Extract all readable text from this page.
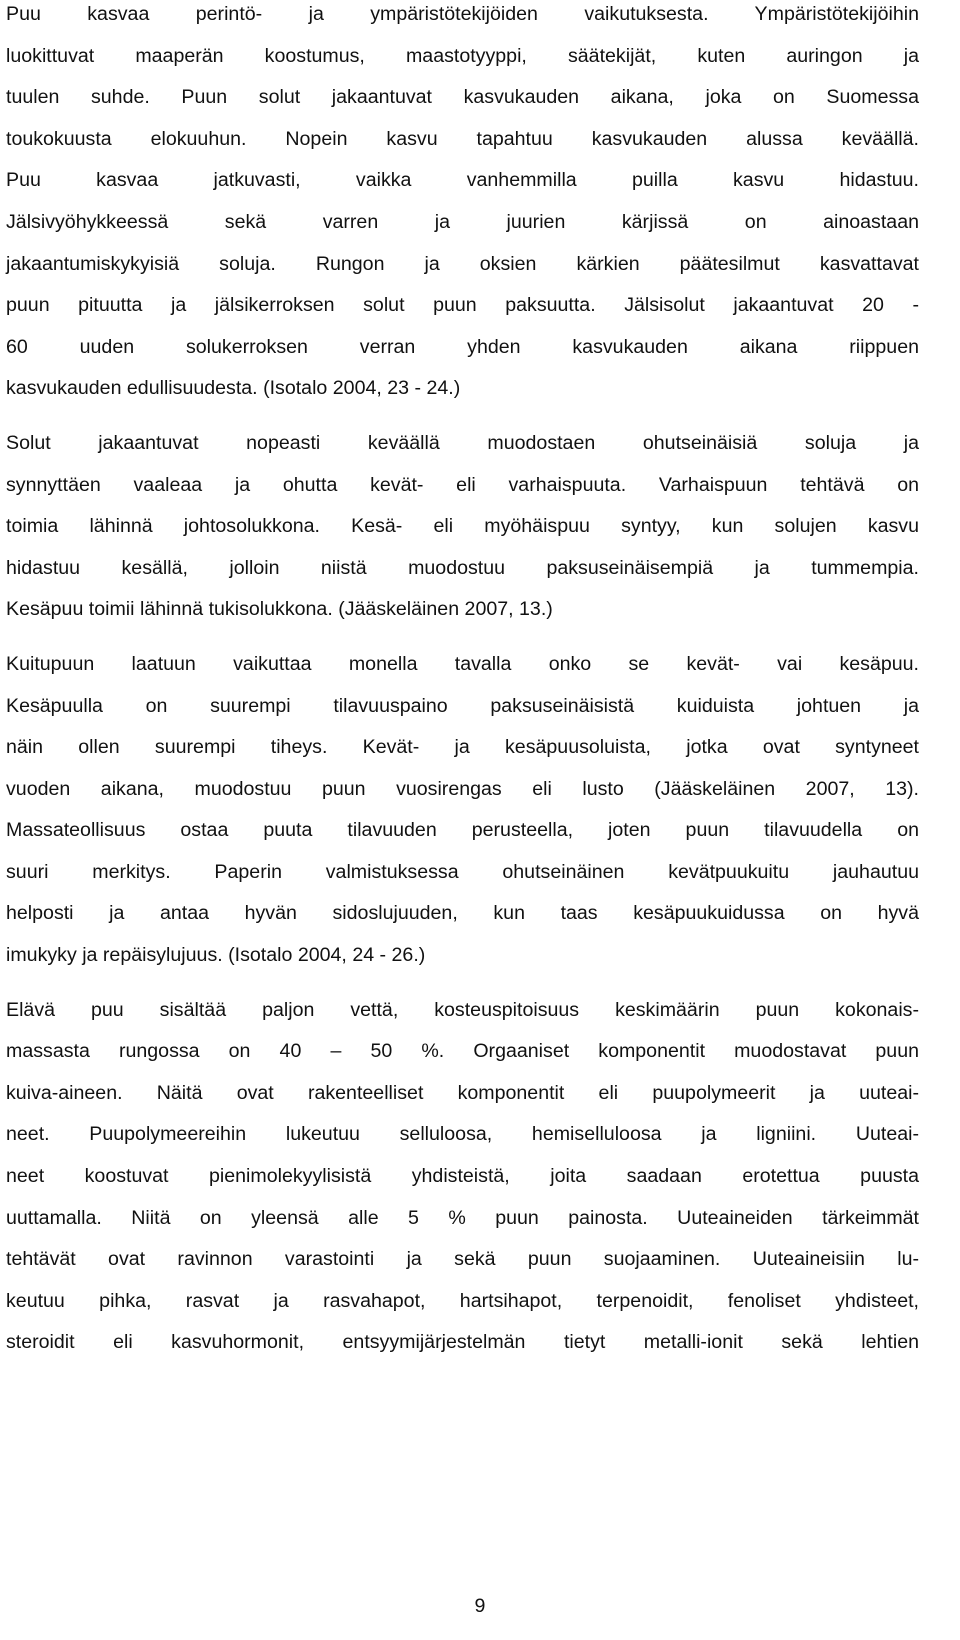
Puu kasvaa perintö- ja ympäristötekijöiden vaikutuksesta. Ympäristötekijöihin
luokittuvat maaperän koostumus, maastotyyppi, säätekijät, kuten auringon ja
tuulen suhde. Puun solut jakaantuvat kasvukauden aikana, joka on Suomessa
toukokuusta elokuuhun. Nopein kasvu tapahtuu kasvukauden alussa keväällä.
Puu kasvaa jatkuvasti, vaikka vanhemmilla puilla kasvu hidastuu.
Jälsivyöhykkeessä sekä varren ja juurien kärjissä on ainoastaan
jakaantumiskykyisiä soluja. Rungon ja oksien kärkien päätesilmut kasvattavat
puun pituutta ja jälsikerroksen solut puun paksuutta. Jälsisolut jakaantuvat 20 -
60 uuden solukerroksen verran yhden kasvukauden aikana riippuen
kasvukauden edullisuudesta. (Isotalo 2004, 23 - 24.)
Solut jakaantuvat nopeasti keväällä muodostaen ohutseinäisiä soluja ja
synnyttäen vaaleaa ja ohutta kevät- eli varhaispuuta. Varhaispuun tehtävä on
toimia lähinnä johtosolukkona. Kesä- eli myöhäispuu syntyy, kun solujen kasvu
hidastuu kesällä, jolloin niistä muodostuu paksuseinäisempiä ja tummempia.
Kesäpuu toimii lähinnä tukisolukkona. (Jääskeläinen 2007, 13.)
Kuitupuun laatuun vaikuttaa monella tavalla onko se kevät- vai kesäpuu.
Kesäpuulla on suurempi tilavuuspaino paksuseinäisistä kuiduista johtuen ja
näin ollen suurempi tiheys. Kevät- ja kesäpuusoluista, jotka ovat syntyneet
vuoden aikana, muodostuu puun vuosirengas eli lusto (Jääskeläinen 2007, 13).
Massateollisuus ostaa puuta tilavuuden perusteella, joten puun tilavuudella on
suuri merkitys. Paperin valmistuksessa ohutseinäinen kevätpuukuitu jauhautuu
helposti ja antaa hyvän sidoslujuuden, kun taas kesäpuukuidussa on hyvä
imukyky ja repäisylujuus. (Isotalo 2004, 24 - 26.)
Elävä puu sisältää paljon vettä, kosteuspitoisuus keskimäärin puun kokonais-
massasta rungossa on 40 – 50 %. Orgaaniset komponentit muodostavat puun
kuiva-aineen. Näitä ovat rakenteelliset komponentit eli puupolymeerit ja uuteai-
neet. Puupolymeereihin lukeutuu selluloosa, hemiselluloosa ja ligniini. Uuteai-
neet koostuvat pienimolekyylisistä yhdisteistä, joita saadaan erotettua puusta
uuttamalla. Niitä on yleensä alle 5 % puun painosta. Uuteaineiden tärkeimmät
tehtävät ovat ravinnon varastointi ja sekä puun suojaaminen. Uuteaineisiin lu-
keutuu pihka, rasvat ja rasvahapot, hartsihapot, terpenoidit, fenoliset yhdisteet,
steroidit eli kasvuhormonit, entsyymijärjestelmän tietyt metalli-ionit sekä lehtien
9
